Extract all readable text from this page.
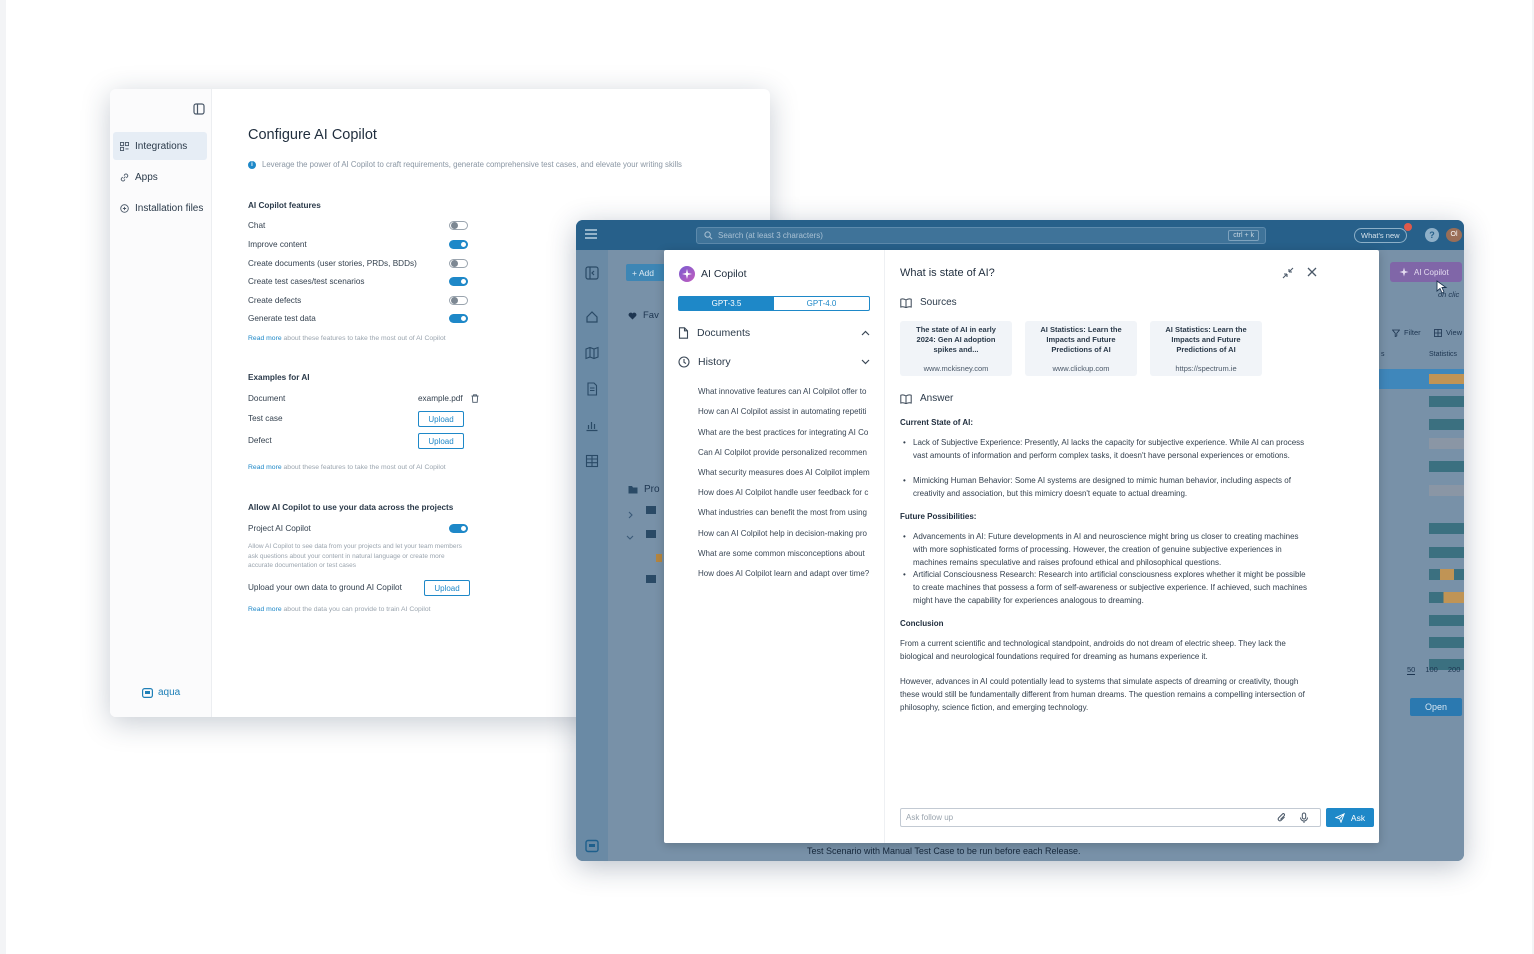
Integrations
Apps
Installation files
aqua
Configure AI Copilot
i	Leverage the power of AI Copilot to craft requirements, generate comprehensive test cases, and elevate your writing skills
AI Copilot features
Chat
Improve content
Create documents (user stories, PRDs, BDDs)
Create test cases/test scenarios
Create defects
Generate test data
Read more about these features to take the most out of AI Copilot
Examples for AI
Document	example.pdf
Test case	Upload
Defect	Upload
Read more about these features to take the most out of AI Copilot
Allow AI Copilot to use your data across the projects
Project AI Copilot
Allow AI Copilot to see data from your projects and let your team members ask questions about your content in natural language or create more accurate documentation or test cases
Upload your own data to ground AI Copilot	Upload
Read more about the data you can provide to train AI Copilot
Search (at least 3 characters)	ctrl + k	What's new	?	Ol
+ Add
Fav
Pro
AI Copilot
on clic
Filter	View
s	Statistics
50 100 200
Open
Test Scenario with Manual Test Case to be run before each Release.
AI Copilot
GPT-3.5	GPT-4.0
Documents
History
What innovative features can AI Colpilot offer to
How can AI Colpilot assist in automating repetiti
What are the best practices for integrating AI Co
Can AI Colpilot provide personalized recommen
What security measures does AI Colpilot implem
How does AI Colpilot handle user feedback for c
What industries can benefit the most from using
How can AI Colpilot help in decision-making pro
What are some common misconceptions about
How does AI Colpilot learn and adapt over time?
What is state of AI?
Sources
The state of AI in early 2024: Gen AI adoption spikes and...
www.mckisney.com
AI Statistics: Learn the Impacts and Future Predictions of AI
www.clickup.com
AI Statistics: Learn the Impacts and Future Predictions of AI
https://spectrum.ie
Answer
Current State of AI:
• Lack of Subjective Experience: Presently, AI lacks the capacity for subjective experience. While AI can process vast amounts of information and perform complex tasks, it doesn't have personal experiences or emotions.
• Mimicking Human Behavior: Some AI systems are designed to mimic human behavior, including aspects of creativity and association, but this mimicry doesn't equate to actual dreaming.
Future Possibilities:
• Advancements in AI: Future developments in AI and neuroscience might bring us closer to creating machines with more sophisticated forms of processing. However, the creation of genuine subjective experiences in machines remains speculative and raises profound ethical and philosophical questions.
• Artificial Consciousness Research: Research into artificial consciousness explores whether it might be possible to create machines that possess a form of self-awareness or subjective experience. If achieved, such machines might have the capability for experiences analogous to dreaming.
Conclusion
From a current scientific and technological standpoint, androids do not dream of electric sheep. They lack the biological and neurological foundations required for dreaming as humans experience it.
However, advances in AI could potentially lead to systems that simulate aspects of dreaming or creativity, though these would still be fundamentally different from human dreams. The question remains a compelling intersection of philosophy, science fiction, and emerging technology.
Ask follow up	Ask
